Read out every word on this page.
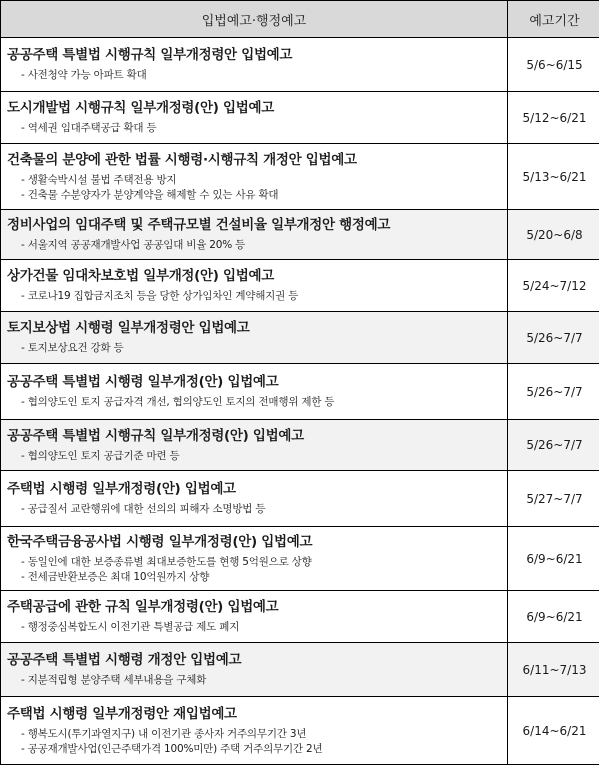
입법예고·행정예고	예고기간

공공주택 특별법 시행규칙 일부개정령안 입법예고
- 사전청약 가능 아파트 확대	5/6~6/15

도시개발법 시행규칙 일부개정령(안) 입법예고
- 역세권 임대주택공급 확대 등	5/12~6/21

건축물의 분양에 관한 법률 시행령·시행규칙 개정안 입법예고
- 생활숙박시설 불법 주택전용 방지
- 건축물 수분양자가 분양계약을 해제할 수 있는 사유 확대	5/13~6/21

정비사업의 임대주택 및 주택규모별 건설비율 일부개정안 행정예고
- 서울지역 공공재개발사업 공공임대 비율 20% 등	5/20~6/8

상가건물 임대차보호법 일부개정(안) 입법예고
- 코로나19 집합금지조치 등을 당한 상가임차인 계약해지권 등	5/24~7/12

토지보상법 시행령 일부개정령안 입법예고
- 토지보상요건 강화 등	5/26~7/7

공공주택 특별법 시행령 일부개정(안) 입법예고
- 협의양도인 토지 공급자격 개선, 협의양도인 토지의 전매행위 제한 등	5/26~7/7

공공주택 특별법 시행규칙 일부개정령(안) 입법예고
- 협의양도인 토지 공급기준 마련 등	5/26~7/7

주택법 시행령 일부개정령(안) 입법예고
- 공급질서 교란행위에 대한 선의의 피해자 소명방법 등	5/27~7/7

한국주택금융공사법 시행령 일부개정령(안) 입법예고
- 동일인에 대한 보증종류별 최대보증한도를 현행 5억원으로 상향
- 전세금반환보증은 최대 10억원까지 상향	6/9~6/21

주택공급에 관한 규칙 일부개정령(안) 입법예고
- 행정중심복합도시 이전기관 특별공급 제도 폐지	6/9~6/21

공공주택 특별법 시행령 개정안 입법예고
- 지분적립형 분양주택 세부내용을 구체화	6/11~7/13

주택법 시행령 일부개정령안 재입법예고
- 행복도시(투기과열지구) 내 이전기관 종사자 거주의무기간 3년
- 공공재개발사업(인근주택가격 100%미만) 주택 거주의무기간 2년	6/14~6/21
